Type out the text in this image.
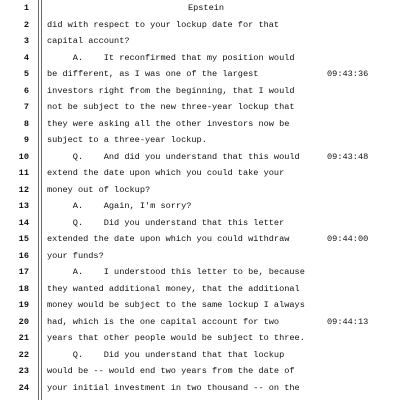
1	Epstein
2 did with respect to your lockup date for that
3 capital account?
4 A.    It reconfirmed that my position would
5 be different, as I was one of the largest	09:43:36
6 investors right from the beginning, that I would
7 not be subject to the new three-year lockup that
8 they were asking all the other investors now be
9 subject to a three-year lockup.
10 Q.    And did you understand that this would	09:43:48
11 extend the date upon which you could take your
12 money out of lockup?
13 A.    Again, I'm sorry?
14 Q.    Did you understand that this letter
15 extended the date upon which you could withdraw	09:44:00
16 your funds?
17 A.    I understood this letter to be, because
18 they wanted additional money, that the additional
19 money would be subject to the same lockup I always
20 had, which is the one capital account for two	09:44:13
21 years that other people would be subject to three.
22 Q.    Did you understand that that lockup
23 would be -- would end two years from the date of
24 your initial investment in two thousand -- on the
